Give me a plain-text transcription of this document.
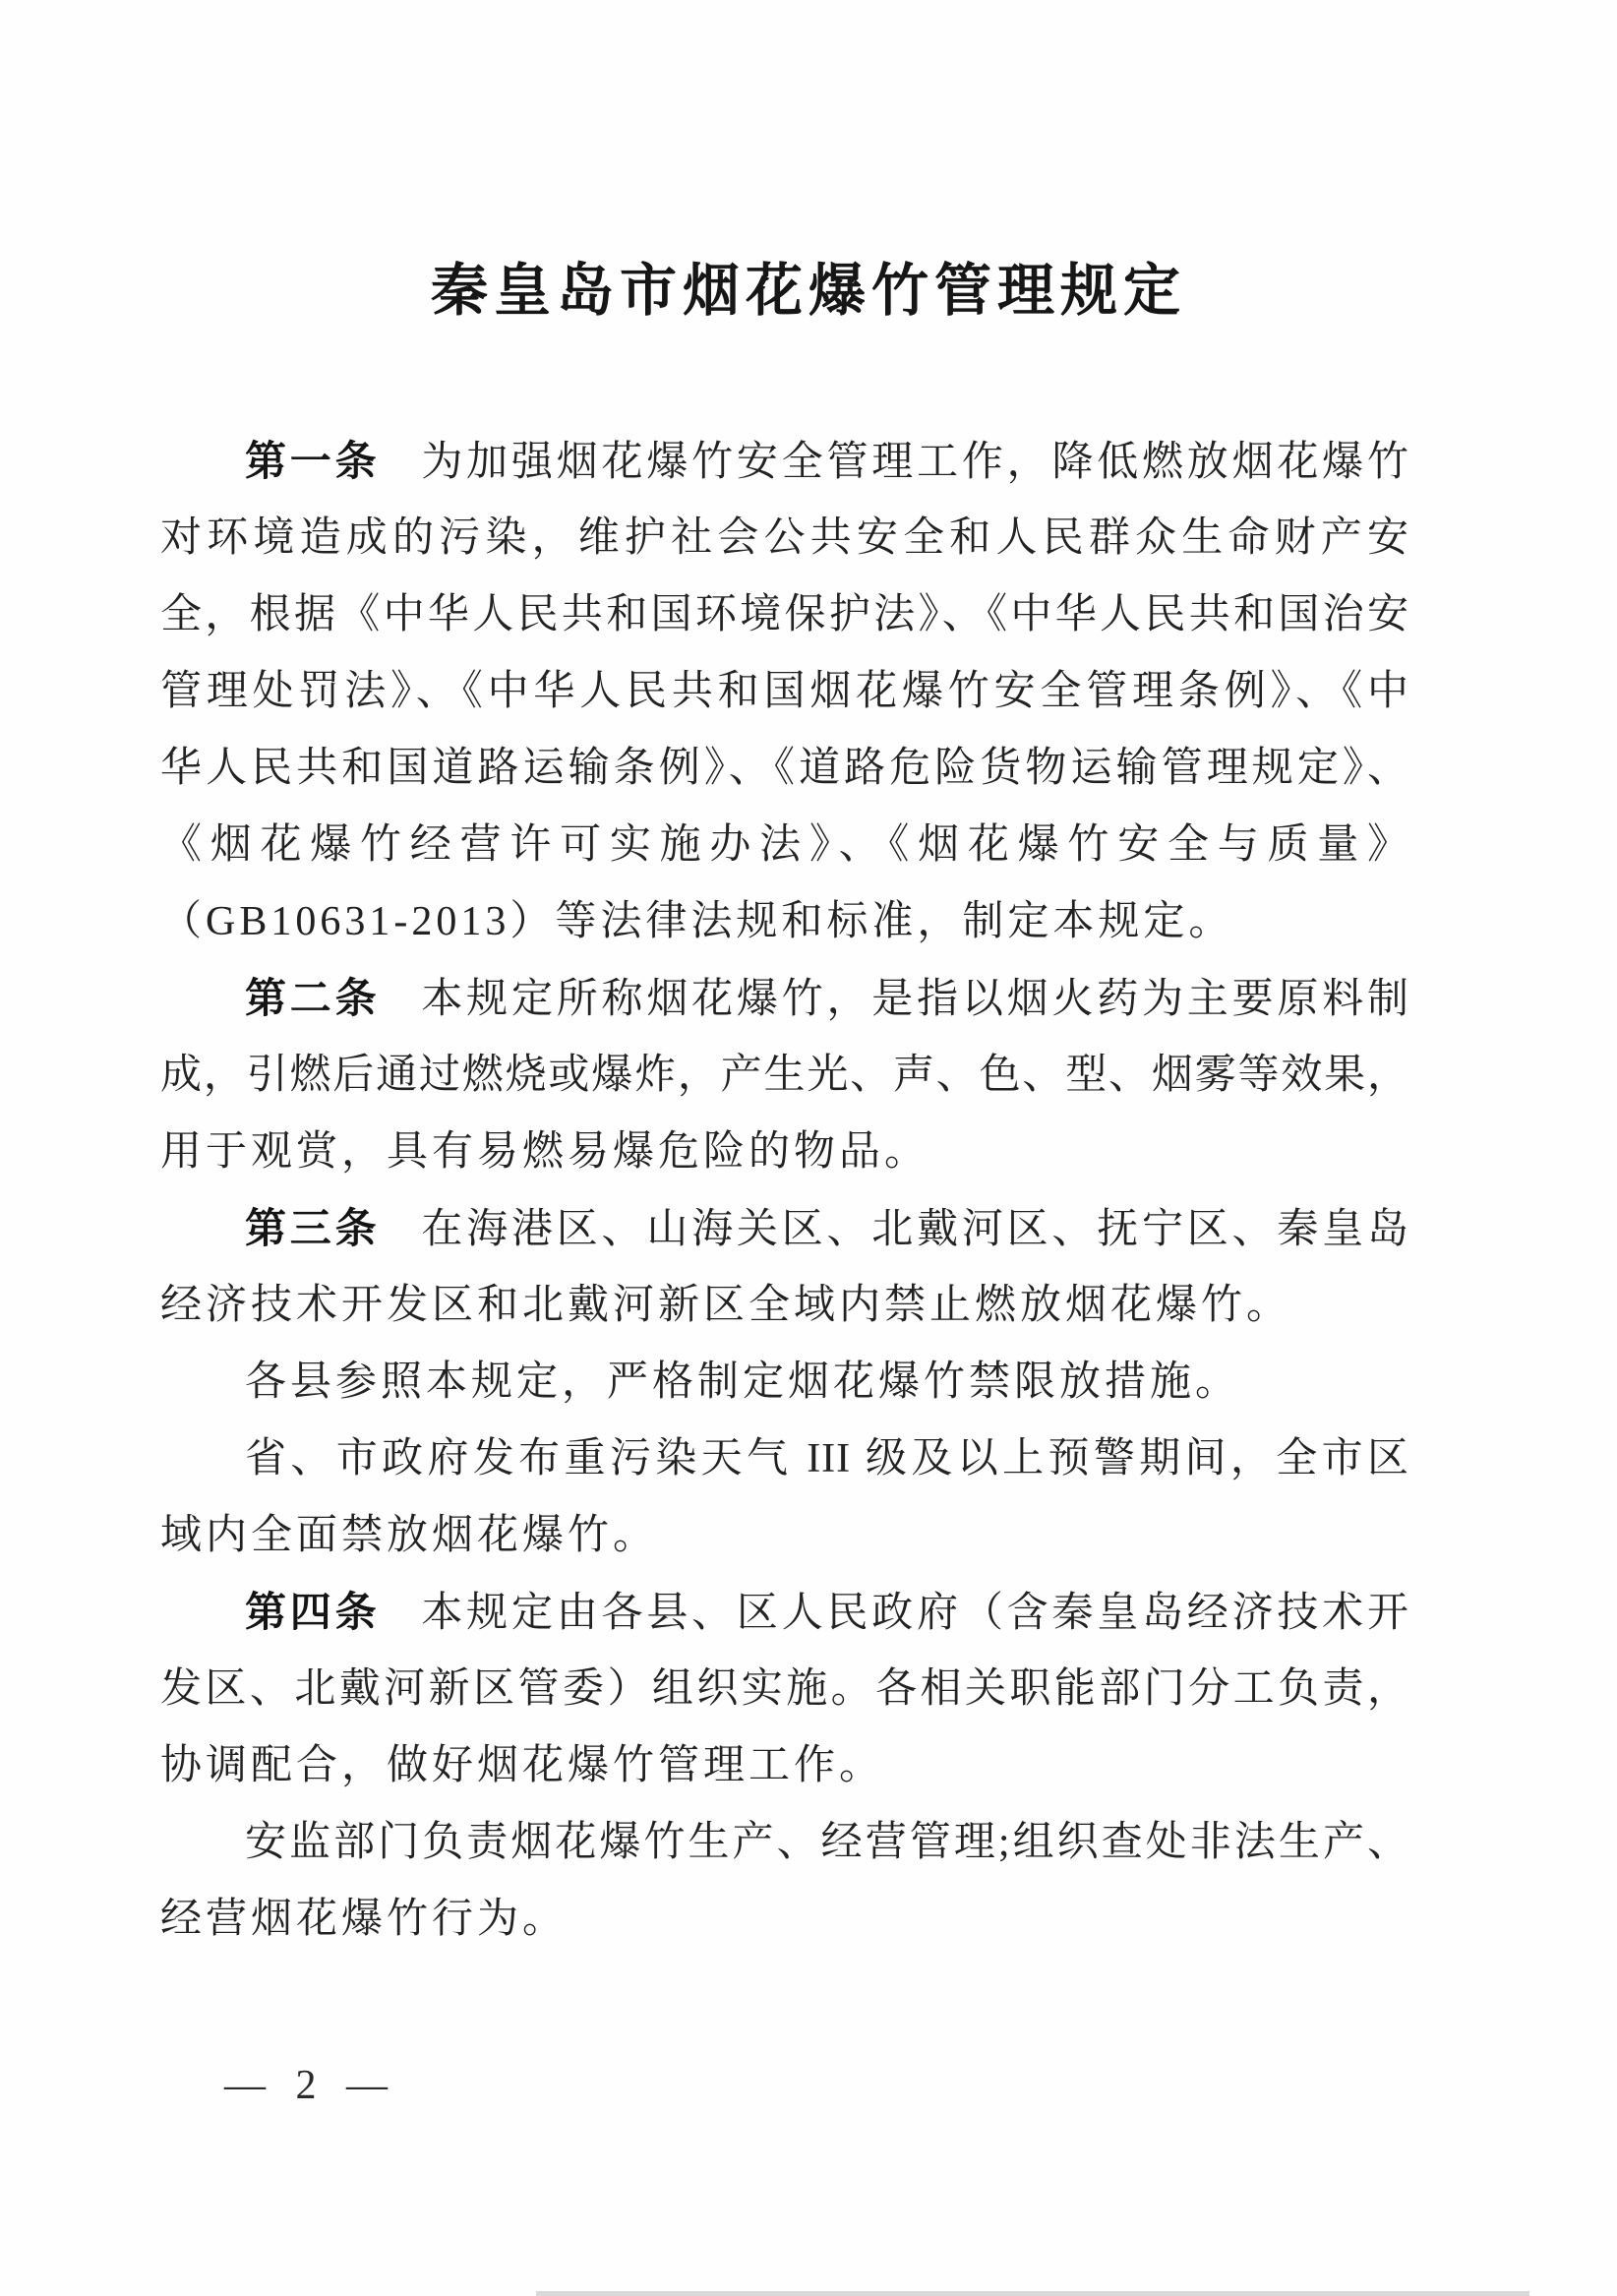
秦皇岛市烟花爆竹管理规定
第一条 为加强烟花爆竹安全管理工作，降低燃放烟花爆竹
对环境造成的污染，维护社会公共安全和人民群众生命财产安
全，根据《中华人民共和国环境保护法》、《中华人民共和国治安
管理处罚法》、《中华人民共和国烟花爆竹安全管理条例》、《中
华人民共和国道路运输条例》、《道路危险货物运输管理规定》、
《烟花爆竹经营许可实施办法》、《烟花爆竹安全与质量》
（GB10631-2013）等法律法规和标准，制定本规定。
第二条 本规定所称烟花爆竹，是指以烟火药为主要原料制
成，引燃后通过燃烧或爆炸，产生光、声、色、型、烟雾等效果，
用于观赏，具有易燃易爆危险的物品。
第三条 在海港区、山海关区、北戴河区、抚宁区、秦皇岛
经济技术开发区和北戴河新区全域内禁止燃放烟花爆竹。
各县参照本规定，严格制定烟花爆竹禁限放措施。
省、市政府发布重污染天气 III 级及以上预警期间，全市区
域内全面禁放烟花爆竹。
第四条 本规定由各县、区人民政府（含秦皇岛经济技术开
发区、北戴河新区管委）组织实施。各相关职能部门分工负责，
协调配合，做好烟花爆竹管理工作。
安监部门负责烟花爆竹生产、经营管理;组织查处非法生产、
经营烟花爆竹行为。
— 2 —
